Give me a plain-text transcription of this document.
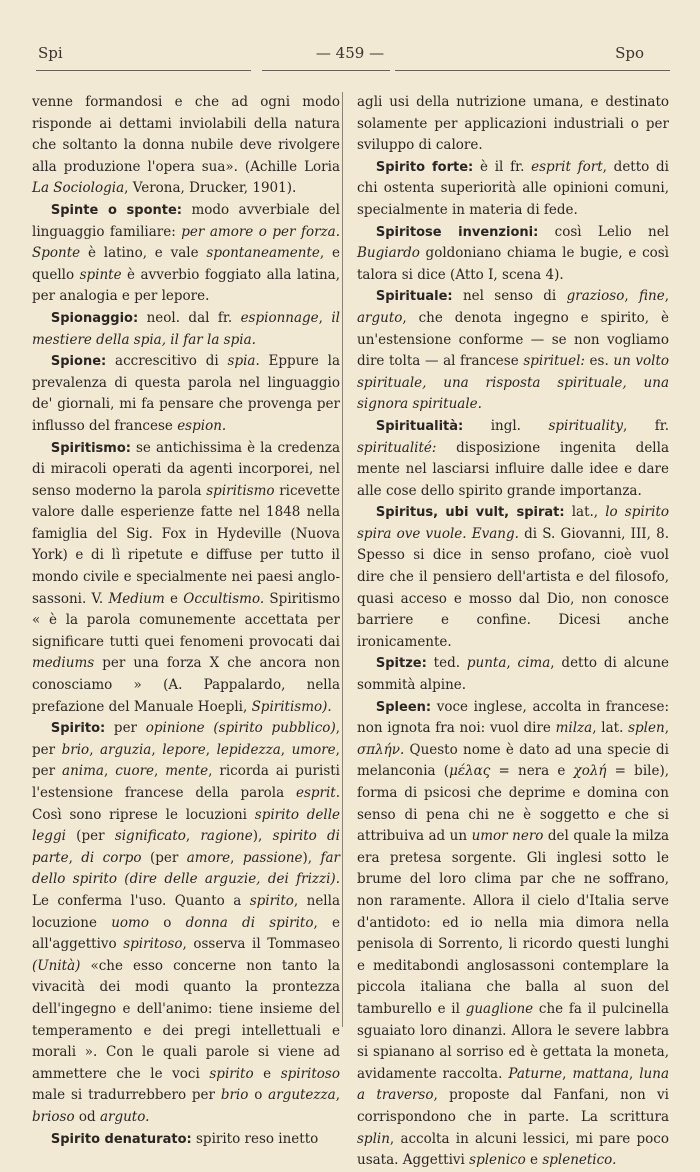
Spi	— 459 —	Spo

venne formandosi e che ad ogni modo risponde ai dettami inviolabili della natura che soltanto la donna nubile deve rivolgere alla produzione l'opera sua». (Achille Loria La Sociologia, Verona, Drucker, 1901).

Spinte o sponte: modo avverbiale del linguaggio familiare: per amore o per forza. Sponte è latino, e vale spontaneamente, e quello spinte è avverbio foggiato alla latina, per analogia e per lepore.

Spionaggio: neol. dal fr. espionnage, il mestiere della spia, il far la spia.

Spione: accrescitivo di spia. Eppure la prevalenza di questa parola nel linguaggio de' giornali, mi fa pensare che provenga per influsso del francese espion.

Spiritismo: se antichissima è la credenza di miracoli operati da agenti incorporei, nel senso moderno la parola spiritismo ricevette valore dalle esperienze fatte nel 1848 nella famiglia del Sig. Fox in Hydeville (Nuova York) e di lì ripetute e diffuse per tutto il mondo civile e specialmente nei paesi anglo-sassoni. V. Medium e Occultismo. Spiritismo « è la parola comunemente accettata per significare tutti quei fenomeni provocati dai mediums per una forza X che ancora non conosciamo » (A. Pappalardo, nella prefazione del Manuale Hoepli, Spiritismo).

Spirito: per opinione (spirito pubblico), per brio, arguzia, lepore, lepidezza, umore, per anima, cuore, mente, ricorda ai puristi l'estensione francese della parola esprit. Così sono riprese le locuzioni spirito delle leggi (per significato, ragione), spirito di parte, di corpo (per amore, passione), far dello spirito (dire delle arguzie, dei frizzi). Le conferma l'uso. Quanto a spirito, nella locuzione uomo o donna di spirito, e all'aggettivo spiritoso, osserva il Tommaseo (Unità) «che esso concerne non tanto la vivacità dei modi quanto la prontezza dell'ingegno e dell'animo: tiene insieme del temperamento e dei pregi intellettuali e morali ». Con le quali parole si viene ad ammettere che le voci spirito e spiritoso male si tradurrebbero per brio o argutezza, brioso od arguto.

Spirito denaturato: spirito reso inetto

agli usi della nutrizione umana, e destinato solamente per applicazioni industriali o per sviluppo di calore.

Spirito forte: è il fr. esprit fort, detto di chi ostenta superiorità alle opinioni comuni, specialmente in materia di fede.

Spiritose invenzioni: così Lelio nel Bugiardo goldoniano chiama le bugie, e così talora si dice (Atto I, scena 4).

Spirituale: nel senso di grazioso, fine, arguto, che denota ingegno e spirito, è un'estensione conforme — se non vogliamo dire tolta — al francese spirituel: es. un volto spirituale, una risposta spirituale, una signora spirituale.

Spiritualità: ingl. spirituality, fr. spiritualité: disposizione ingenita della mente nel lasciarsi influire dalle idee e dare alle cose dello spirito grande importanza.

Spiritus, ubi vult, spirat: lat., lo spirito spira ove vuole. Evang. di S. Giovanni, III, 8. Spesso si dice in senso profano, cioè vuol dire che il pensiero dell'artista e del filosofo, quasi acceso e mosso dal Dio, non conosce barriere e confine. Dicesi anche ironicamente.

Spitze: ted. punta, cima, detto di alcune sommità alpine.

Spleen: voce inglese, accolta in francese: non ignota fra noi: vuol dire milza, lat. splen, σπλήν. Questo nome è dato ad una specie di melanconia (μέλας = nera e χολή = bile), forma di psicosi che deprime e domina con senso di pena chi ne è soggetto e che si attribuiva ad un umor nero del quale la milza era pretesa sorgente. Gli inglesi sotto le brume del loro clima par che ne soffrano, non raramente. Allora il cielo d'Italia serve d'antidoto: ed io nella mia dimora nella penisola di Sorrento, li ricordo questi lunghi e meditabondi anglosassoni contemplare la piccola italiana che balla al suon del tamburello e il guaglione che fa il pulcinella sguaiato loro dinanzi. Allora le severe labbra si spianano al sorriso ed è gettata la moneta, avidamente raccolta. Paturne, mattana, luna a traverso, proposte dal Fanfani, non vi corrispondono che in parte. La scrittura splin, accolta in alcuni lessici, mi pare poco usata. Aggettivi splenico e splenetico.
